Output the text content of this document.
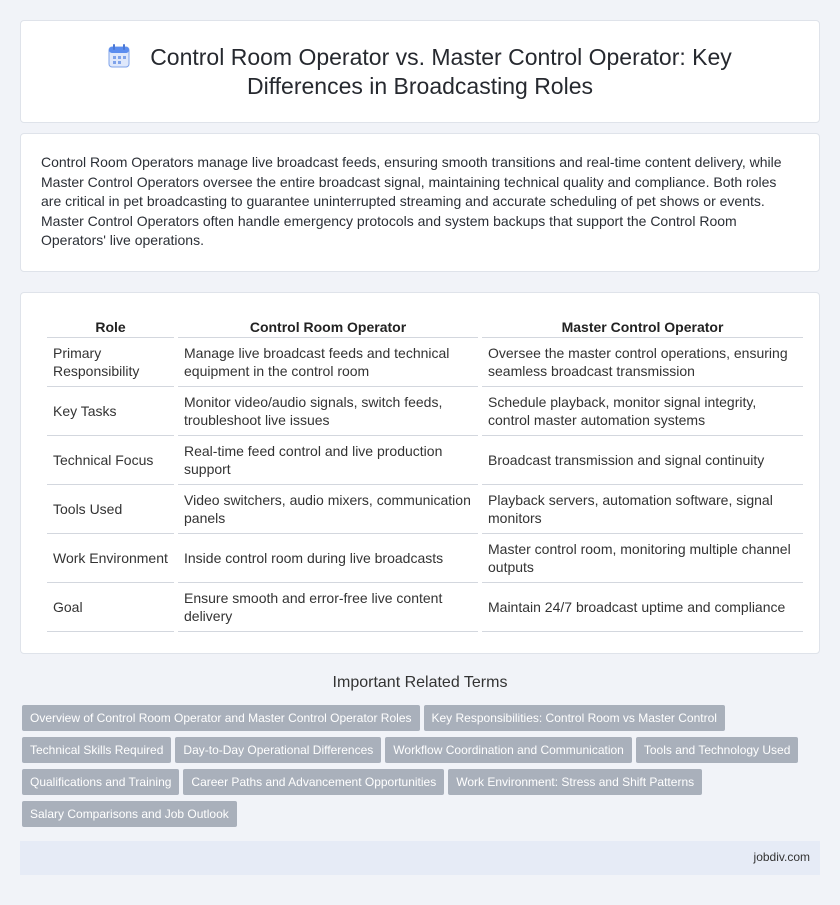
Control Room Operator vs. Master Control Operator: Key Differences in Broadcasting Roles

Control Room Operators manage live broadcast feeds, ensuring smooth transitions and real-time content delivery, while Master Control Operators oversee the entire broadcast signal, maintaining technical quality and compliance. Both roles are critical in pet broadcasting to guarantee uninterrupted streaming and accurate scheduling of pet shows or events. Master Control Operators often handle emergency protocols and system backups that support the Control Room Operators' live operations.

Role	Control Room Operator	Master Control Operator
Primary Responsibility	Manage live broadcast feeds and technical equipment in the control room	Oversee the master control operations, ensuring seamless broadcast transmission
Key Tasks	Monitor video/audio signals, switch feeds, troubleshoot live issues	Schedule playback, monitor signal integrity, control master automation systems
Technical Focus	Real-time feed control and live production support	Broadcast transmission and signal continuity
Tools Used	Video switchers, audio mixers, communication panels	Playback servers, automation software, signal monitors
Work Environment	Inside control room during live broadcasts	Master control room, monitoring multiple channel outputs
Goal	Ensure smooth and error-free live content delivery	Maintain 24/7 broadcast uptime and compliance
Important Related Terms
Overview of Control Room Operator and Master Control Operator Roles Key Responsibilities: Control Room vs Master Control
Technical Skills Required Day-to-Day Operational Differences Workflow Coordination and Communication Tools and Technology Used
Qualifications and Training Career Paths and Advancement Opportunities Work Environment: Stress and Shift Patterns
Salary Comparisons and Job Outlook
jobdiv.com
